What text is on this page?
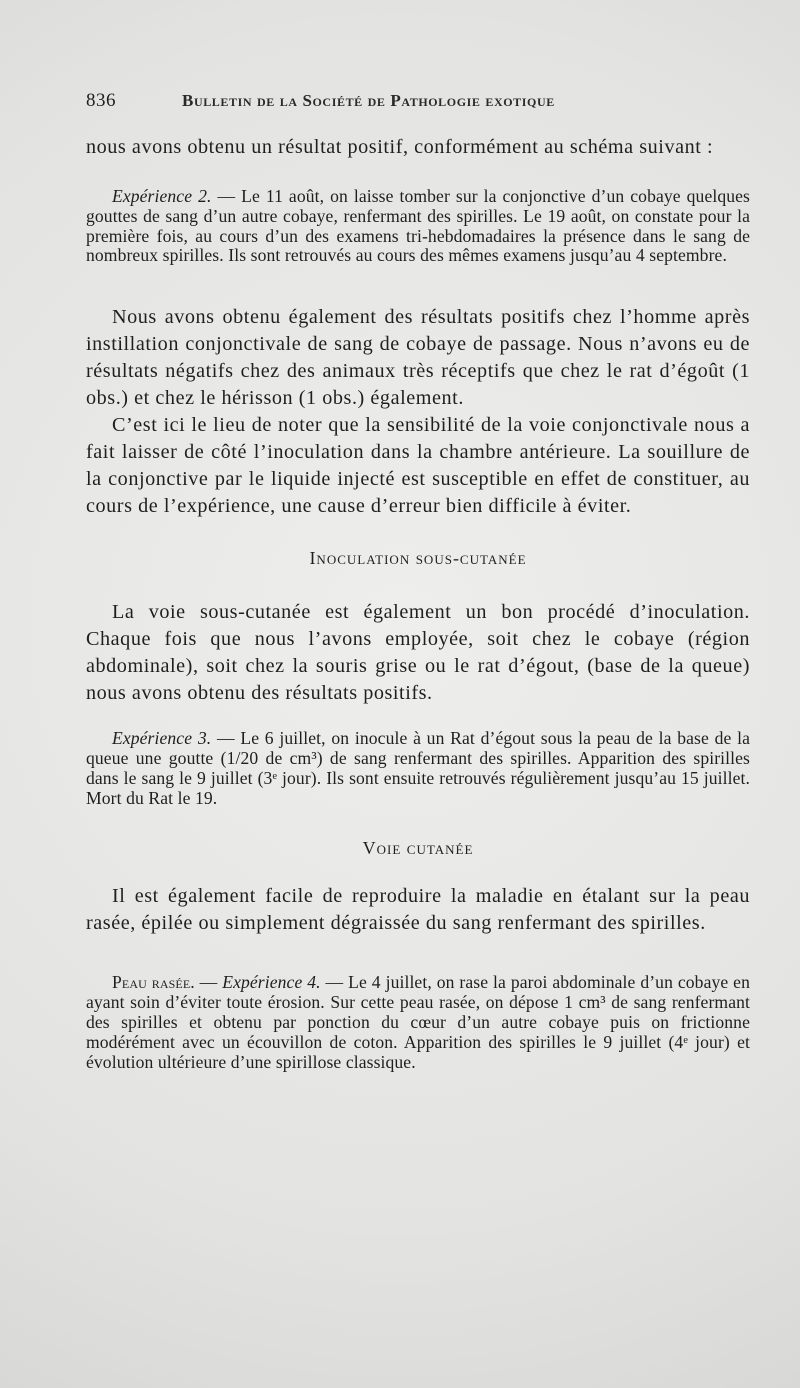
836	Bulletin de la Société de Pathologie exotique

nous avons obtenu un résultat positif, conformément au schéma suivant :

Expérience 2. — Le 11 août, on laisse tomber sur la conjonctive d’un cobaye quelques gouttes de sang d’un autre cobaye, renfermant des spirilles. Le 19 août, on constate pour la première fois, au cours d’un des examens tri-hebdomadaires la présence dans le sang de nombreux spirilles. Ils sont retrouvés au cours des mêmes examens jusqu’au 4 septembre.

Nous avons obtenu également des résultats positifs chez l’homme après instillation conjonctivale de sang de cobaye de passage. Nous n’avons eu de résultats négatifs chez des animaux très réceptifs que chez le rat d’égoût (1 obs.) et chez le hérisson (1 obs.) également.

C’est ici le lieu de noter que la sensibilité de la voie conjonctivale nous a fait laisser de côté l’inoculation dans la chambre antérieure. La souillure de la conjonctive par le liquide injecté est susceptible en effet de constituer, au cours de l’expérience, une cause d’erreur bien difficile à éviter.

Inoculation sous-cutanée

La voie sous-cutanée est également un bon procédé d’inoculation. Chaque fois que nous l’avons employée, soit chez le cobaye (région abdominale), soit chez la souris grise ou le rat d’égout, (base de la queue) nous avons obtenu des résultats positifs.

Expérience 3. — Le 6 juillet, on inocule à un Rat d’égout sous la peau de la base de la queue une goutte (1/20 de cm³) de sang renfermant des spirilles. Apparition des spirilles dans le sang le 9 juillet (3ᵉ jour). Ils sont ensuite retrouvés régulièrement jusqu’au 15 juillet. Mort du Rat le 19.

Voie cutanée

Il est également facile de reproduire la maladie en étalant sur la peau rasée, épilée ou simplement dégraissée du sang renfermant des spirilles.

Peau rasée. — Expérience 4. — Le 4 juillet, on rase la paroi abdominale d’un cobaye en ayant soin d’éviter toute érosion. Sur cette peau rasée, on dépose 1 cm³ de sang renfermant des spirilles et obtenu par ponction du cœur d’un autre cobaye puis on frictionne modérément avec un écouvillon de coton. Apparition des spirilles le 9 juillet (4ᵉ jour) et évolution ultérieure d’une spirillose classique.
